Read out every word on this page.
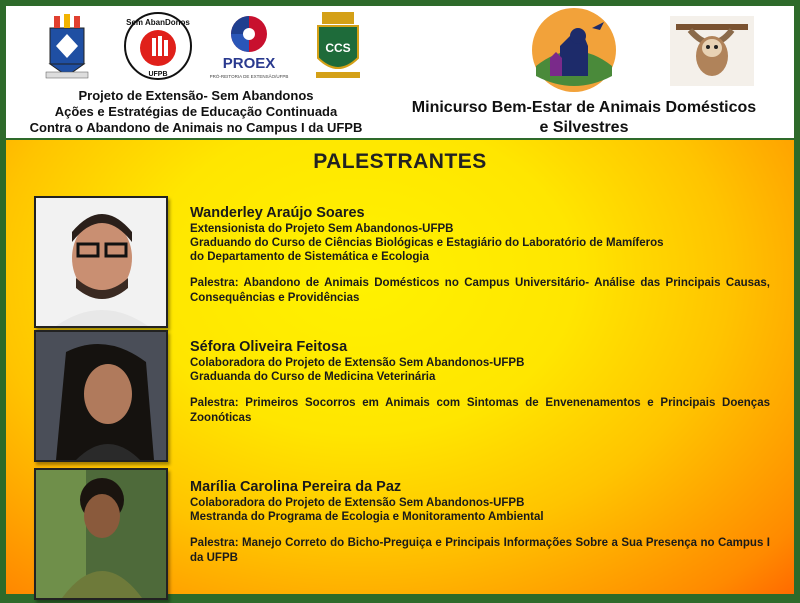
Sem AbanDonos
UFPB
PROEX
PRÓ-REITORIA DE EXTENSÃO/UFPB
CCS
Projeto de Extensão- Sem Abandonos
Ações e Estratégias de Educação Continuada
Contra o Abandono de Animais no Campus I da UFPB
Minicurso Bem-Estar de Animais Domésticos
e Silvestres
PALESTRANTES
Wanderley Araújo Soares
Extensionista do Projeto Sem Abandonos-UFPB
Graduando do Curso de Ciências Biológicas e Estagiário do Laboratório de Mamíferos
do Departamento de Sistemática e Ecologia
Palestra: Abandono de Animais Domésticos no Campus Universitário- Análise das Principais Causas, Consequências e Providências
Séfora Oliveira Feitosa
Colaboradora do Projeto de Extensão Sem Abandonos-UFPB
Graduanda do Curso de Medicina Veterinária
Palestra: Primeiros Socorros em Animais com Sintomas de Envenenamentos e Principais Doenças Zoonóticas
Marília Carolina Pereira da Paz
Colaboradora do Projeto de Extensão Sem Abandonos-UFPB
Mestranda do Programa de Ecologia e Monitoramento Ambiental
Palestra: Manejo Correto do Bicho-Preguiça e Principais Informações Sobre a Sua Presença no Campus I da UFPB
